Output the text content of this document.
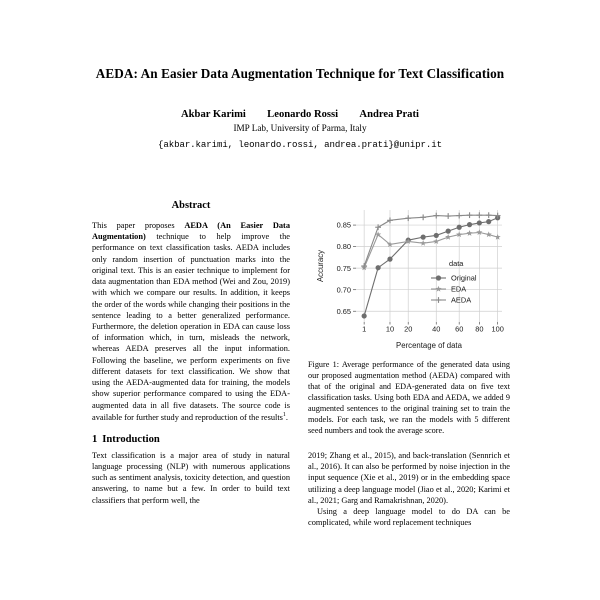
AEDA: An Easier Data Augmentation Technique for Text Classification
Akbar Karimi Leonardo Rossi Andrea Prati
IMP Lab, University of Parma, Italy
{akbar.karimi, leonardo.rossi, andrea.prati}@unipr.it
Abstract

This paper proposes AEDA (An Easier Data Augmentation) technique to help improve the performance on text classification tasks. AEDA includes only random insertion of punctuation marks into the original text. This is an easier technique to implement for data augmentation than EDA method (Wei and Zou, 2019) with which we compare our results. In addition, it keeps the order of the words while changing their positions in the sentence leading to a better generalized performance. Furthermore, the deletion operation in EDA can cause loss of information which, in turn, misleads the network, whereas AEDA preserves all the input information. Following the baseline, we perform experiments on five different datasets for text classification. We show that using the AEDA-augmented data for training, the models show superior performance compared to using the EDA-augmented data in all five datasets. The source code is available for further study and reproduction of the results$^1$.

1 Introduction

Text classification is a major area of study in natural language processing (NLP) with numerous applications such as sentiment analysis, toxicity detection, and question answering, to name but a few. In order to build text classifiers that perform well, the

0.65
0.70
0.75
0.80
0.85
1	10 20	40 60 80 100
Percentage of data
Accuracy	data
Original
EDA
AEDA

Figure 1: Average performance of the generated data using our proposed augmentation method (AEDA) compared with that of the original and EDA-generated data on five text classification tasks. Using both EDA and AEDA, we added 9 augmented sentences to the original training set to train the models. For each task, we ran the models with 5 different seed numbers and took the average score.

2019; Zhang et al., 2015), and back-translation (Sennrich et al., 2016). It can also be performed by noise injection in the input sequence (Xie et al., 2019) or in the embedding space utilizing a deep language model (Jiao et al., 2020; Karimi et al., 2021; Garg and Ramakrishnan, 2020).

Using a deep language model to do DA can be complicated, while word replacement techniques
